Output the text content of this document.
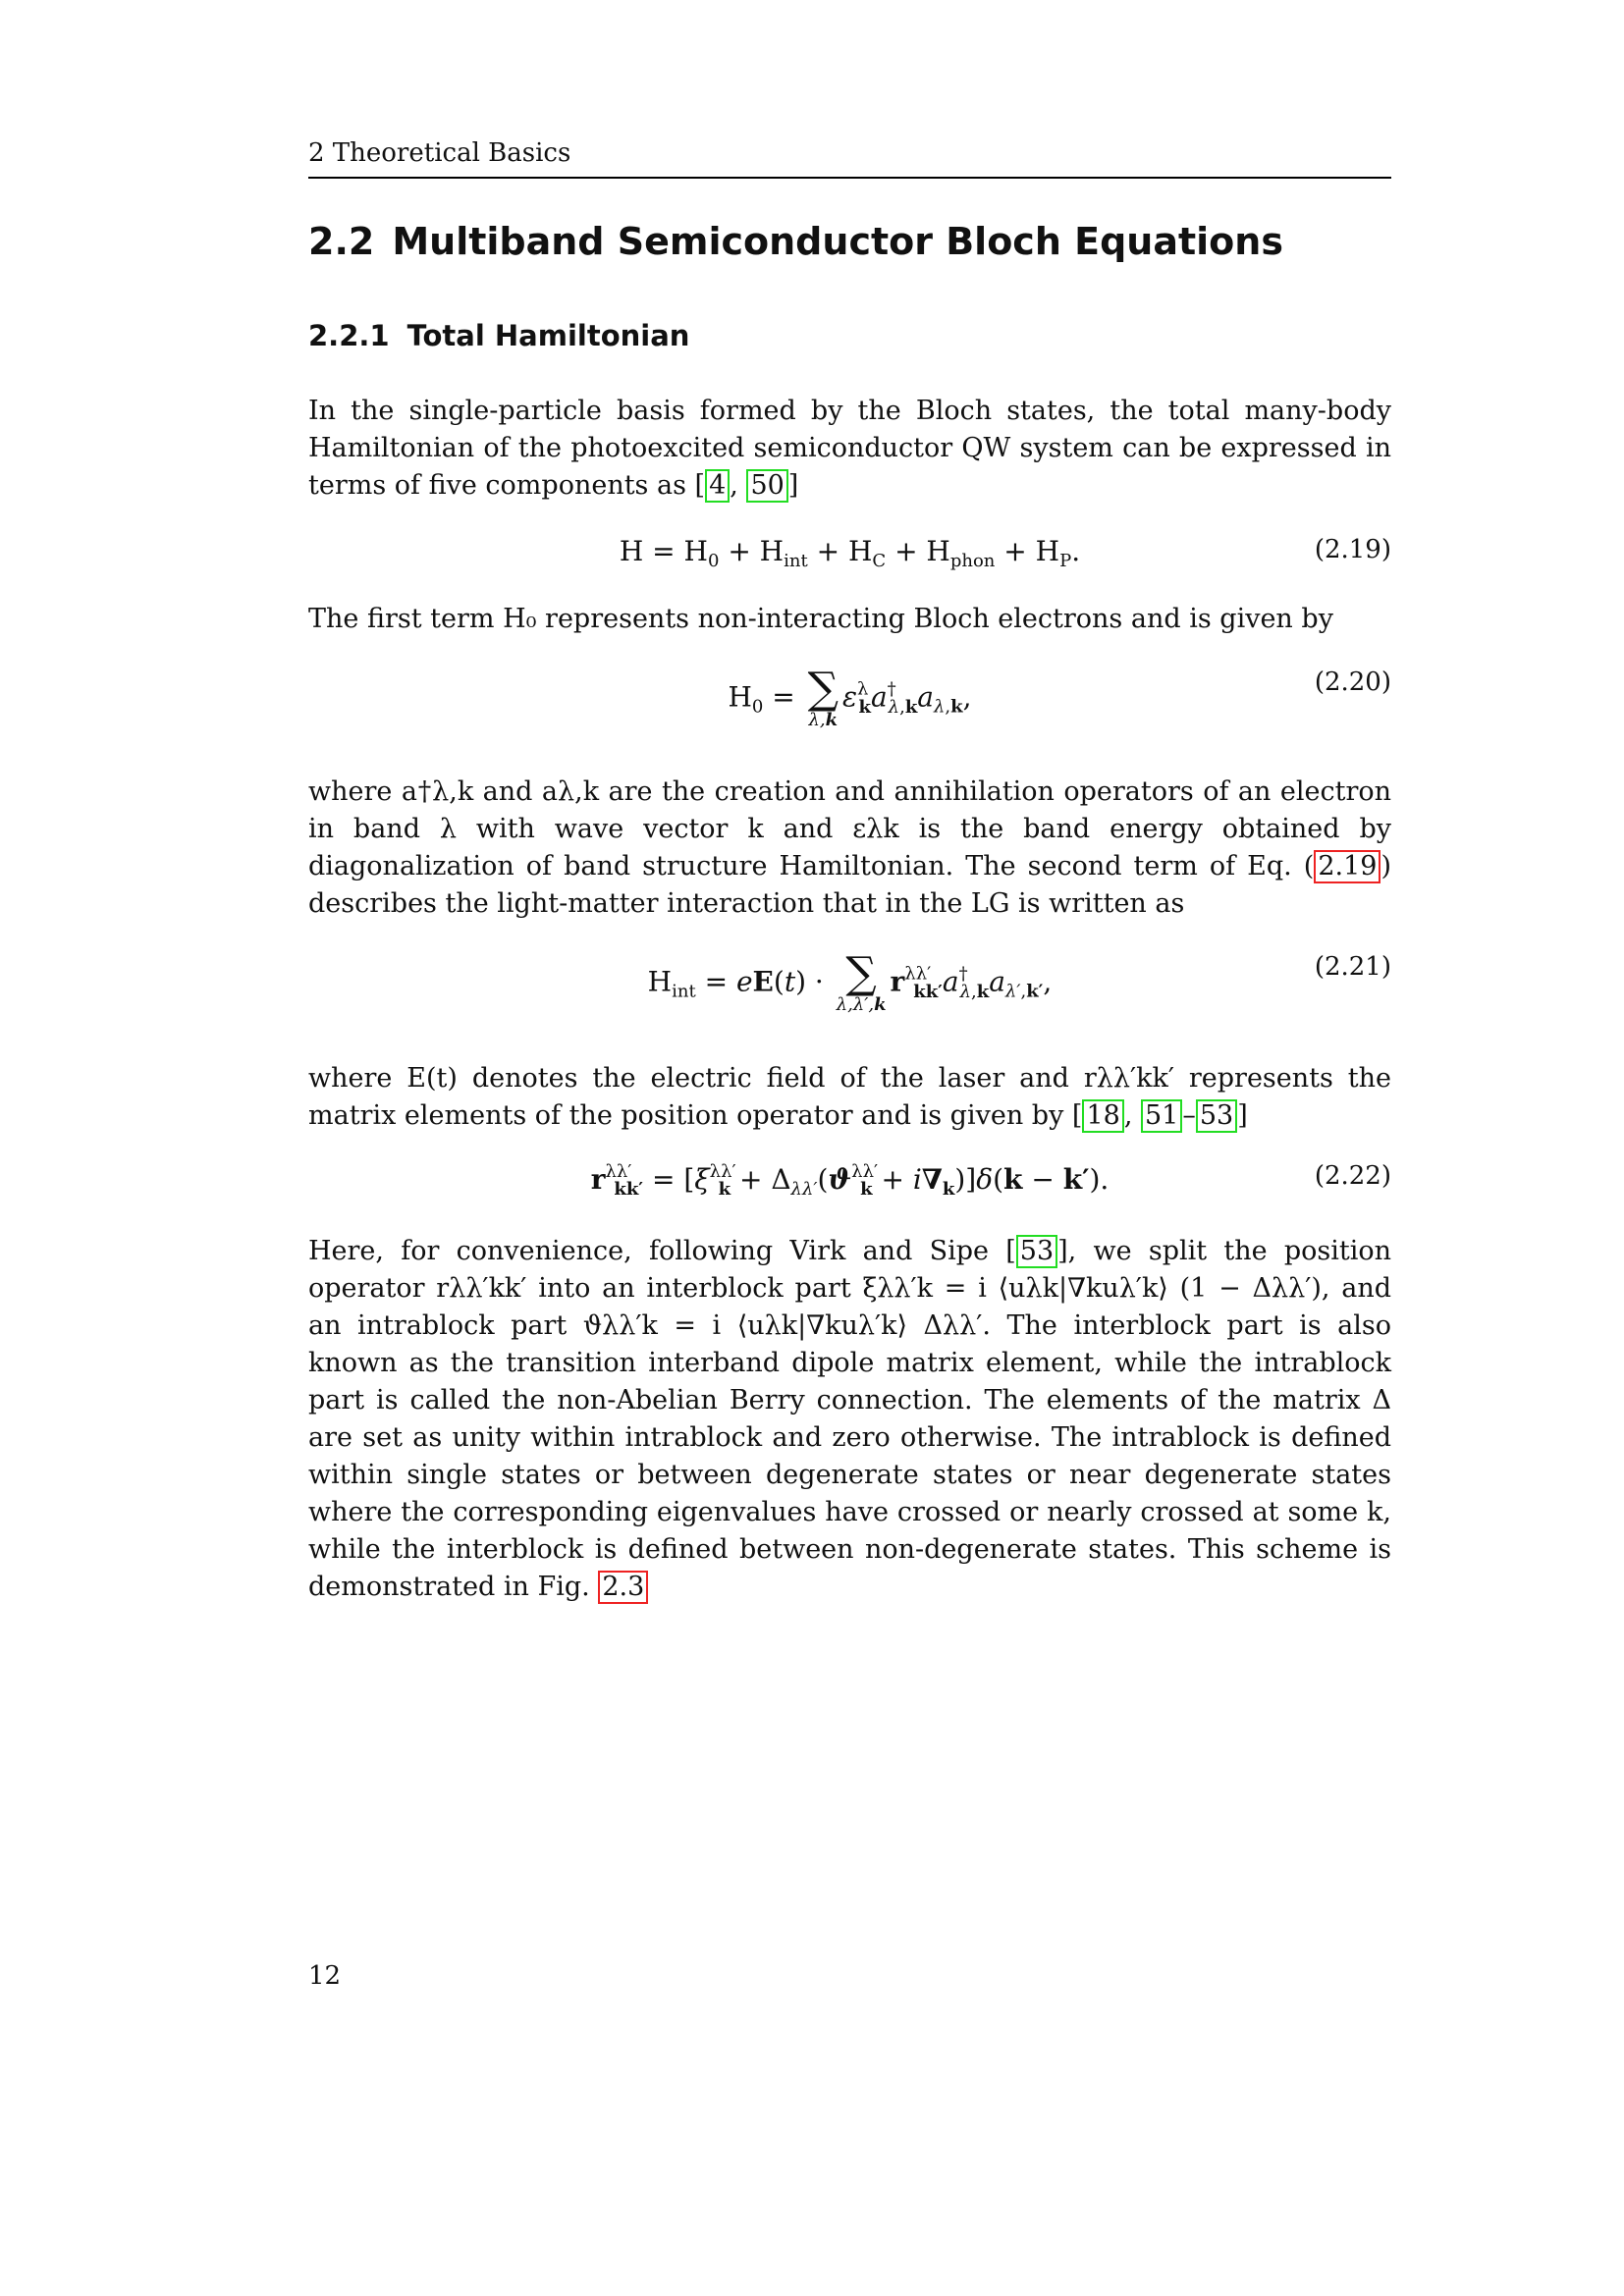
2 Theoretical Basics
2.2 Multiband Semiconductor Bloch Equations
2.2.1 Total Hamiltonian

In the single-particle basis formed by the Bloch states, the total many-body Hamiltonian of the photoexcited semiconductor QW system can be expressed in terms of five components as [ 4 , 50 ]

$H = H_0 + H_{int} + H_C + H_{phon} + H_P$.	(2.19)

The first term H₀ represents non-interacting Bloch electrons and is given by

$H_0$ = ∑
λ,k
$\varepsilon^\lambda_ka^\dagger_{\lambda,k}a_{\lambda,k}$,	(2.20)

where a†λ,k and aλ,k are the creation and annihilation operators of an electron in band λ with wave vector k and ελk is the band energy obtained by diagonalization of band structure Hamiltonian. The second term of Eq. ( 2.19 ) describes the light-matter interaction that in the LG is written as

$H_{int} = eE(t)$ · ∑
λ,λ′,k
$r^{\lambda\lambda'}_{kk'}a^\dagger_{\lambda,k}a_{\lambda',k'}$,	(2.21)

where E(t) denotes the electric field of the laser and rλλ′kk′ represents the matrix elements of the position operator and is given by [ 18 , 51 – 53 ]

$r^{\lambda\lambda'}_{kk'} = [\xi^{\lambda\lambda'}_k + \Delta_{\lambda\lambda'}(ϑ^{\lambda\lambda'}_k + i\nabla_k)]\delta(k - k')$.	(2.22)

Here, for convenience, following Virk and Sipe [ 53 ], we split the position operator rλλ′kk′ into an interblock part ξλλ′k = i ⟨uλk|∇kuλ′k⟩ (1 − Δλλ′), and an intrablock part ϑλλ′k = i ⟨uλk|∇kuλ′k⟩ Δλλ′. The interblock part is also known as the transition interband dipole matrix element, while the intrablock part is called the non-Abelian Berry connection. The elements of the matrix Δ are set as unity within intrablock and zero otherwise. The intrablock is defined within single states or between degenerate states or near degenerate states where the corresponding eigenvalues have crossed or nearly crossed at some k, while the interblock is defined between non-degenerate states. This scheme is demonstrated in Fig. 2.3

12
